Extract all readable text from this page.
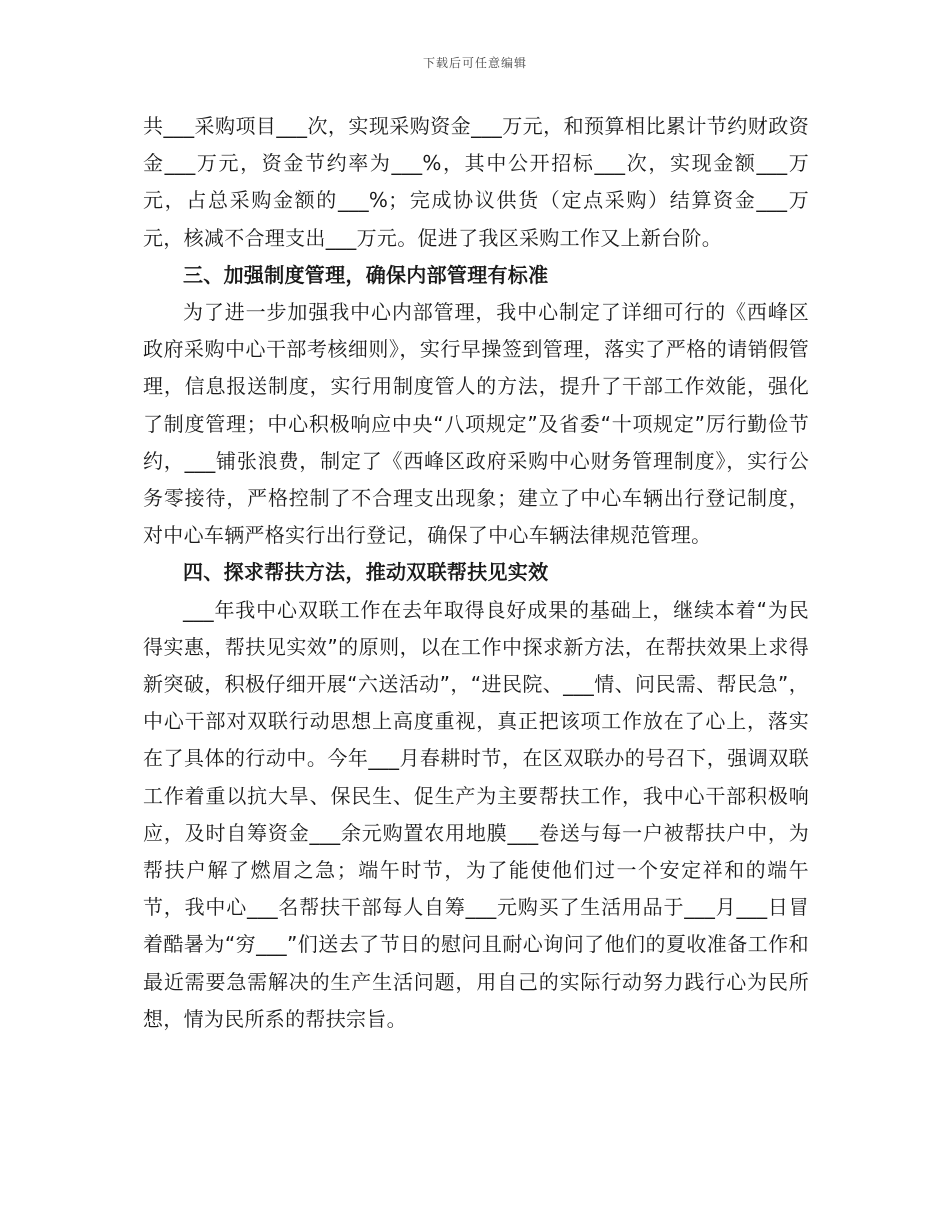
下载后可任意编辑

共___采购项目___次，实现采购资金___万元，和预算相比累计节约财政资金___万元，资金节约率为___%，其中公开招标___次，实现金额___万元，占总采购金额的___%；完成协议供货（定点采购）结算资金___万元，核减不合理支出___万元。促进了我区采购工作又上新台阶。

三、加强制度管理，确保内部管理有标准

为了进一步加强我中心内部管理，我中心制定了详细可行的《西峰区政府采购中心干部考核细则》，实行早操签到管理，落实了严格的请销假管理，信息报送制度，实行用制度管人的方法，提升了干部工作效能，强化了制度管理；中心积极响应中央“八项规定”及省委“十项规定”厉行勤俭节约，___铺张浪费，制定了《西峰区政府采购中心财务管理制度》，实行公务零接待，严格控制了不合理支出现象；建立了中心车辆出行登记制度，对中心车辆严格实行出行登记，确保了中心车辆法律规范管理。

四、探求帮扶方法，推动双联帮扶见实效

___年我中心双联工作在去年取得良好成果的基础上，继续本着“为民得实惠，帮扶见实效”的原则，以在工作中探求新方法，在帮扶效果上求得新突破，积极仔细开展“六送活动”，“进民院、___情、问民需、帮民急”，中心干部对双联行动思想上高度重视，真正把该项工作放在了心上，落实在了具体的行动中。今年___月春耕时节，在区双联办的号召下，强调双联工作着重以抗大旱、保民生、促生产为主要帮扶工作，我中心干部积极响应，及时自筹资金___余元购置农用地膜___卷送与每一户被帮扶户中，为帮扶户解了燃眉之急；端午时节，为了能使他们过一个安定祥和的端午节，我中心___名帮扶干部每人自筹___元购买了生活用品于___月___日冒着酷暑为“穷___”们送去了节日的慰问且耐心询问了他们的夏收准备工作和最近需要急需解决的生产生活问题，用自己的实际行动努力践行心为民所想，情为民所系的帮扶宗旨。
